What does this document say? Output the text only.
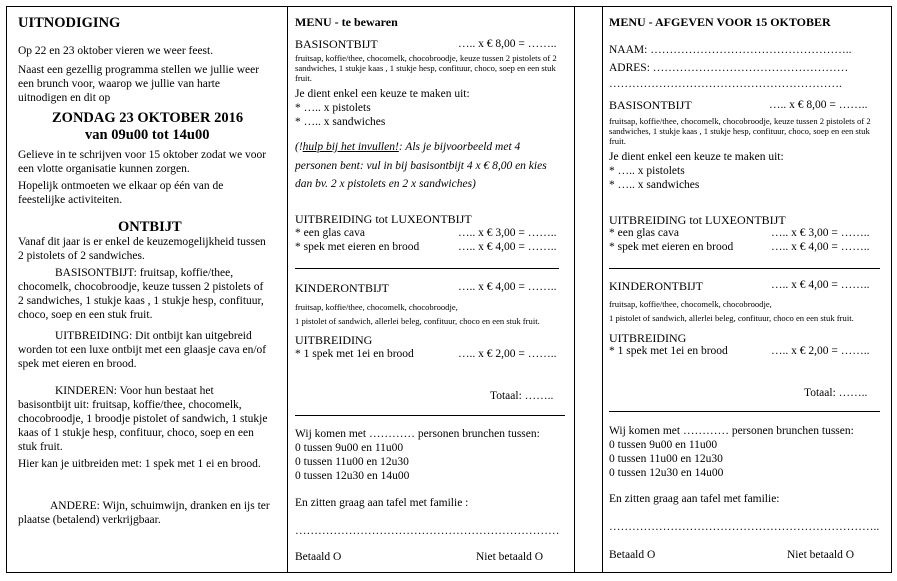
UITNODIGING
Op 22 en 23 oktober vieren we weer feest.
Naast een gezellig programma stellen we jullie weer
een brunch voor, waarop we jullie van harte
uitnodigen en dit op
ZONDAG 23 OKTOBER 2016
van 09u00 tot 14u00
Gelieve in te schrijven voor 15 oktober zodat we voor
een vlotte organisatie kunnen zorgen.
Hopelijk ontmoeten we elkaar op één van de
feestelijke activiteiten.
ONTBIJT
Vanaf dit jaar is er enkel de keuzemogelijkheid tussen
2 pistolets of 2 sandwiches.
BASISONTBIJT: fruitsap, koffie/thee,
chocomelk, chocobroodje, keuze tussen 2 pistolets of
2 sandwiches, 1 stukje kaas , 1 stukje hesp, confituur,
choco, soep en een stuk fruit.
UITBREIDING: Dit ontbijt kan uitgebreid
worden tot een luxe ontbijt met een glaasje cava en/of
spek met eieren en brood.
KINDEREN: Voor hun bestaat het
basisontbijt uit: fruitsap, koffie/thee, chocomelk,
chocobroodje, 1 broodje pistolet of sandwich, 1 stukje
kaas of 1 stukje hesp, confituur, choco, soep en een
stuk fruit.
Hier kan je uitbreiden met: 1 spek met 1 ei en brood.
ANDERE: Wijn, schuimwijn, dranken en ijs ter
plaatse (betalend) verkrijgbaar.
MENU - te bewaren
BASISONTBIJT	….. x € 8,00 = ……..
fruitsap, koffie/thee, chocomelk, chocobroodje, keuze tussen 2 pistolets of 2
sandwiches, 1 stukje kaas , 1 stukje hesp, confituur, choco, soep en een stuk
fruit.
Je dient enkel een keuze te maken uit:
* ….. x pistolets
* ….. x sandwiches
(!hulp bij het invullen!: Als je bijvoorbeeld met 4
personen bent: vul in bij basisontbijt 4 x € 8,00 en kies
dan bv. 2 x pistolets en 2 x sandwiches)
UITBREIDING tot LUXEONTBIJT
* een glas cava	….. x € 3,00 = ……..
* spek met eieren en brood	….. x € 4,00 = ……..
KINDERONTBIJT	….. x € 4,00 = ……..
fruitsap, koffie/thee, chocomelk, chocobroodje,
1 pistolet of sandwich, allerlei beleg, confituur, choco en een stuk fruit.
UITBREIDING
* 1 spek met 1ei en brood	….. x € 2,00 = ……..
Totaal: ……..
Wij komen met ………… personen brunchen tussen:
0 tussen 9u00 en 11u00
0 tussen 11u00 en 12u30
0 tussen 12u30 en 14u00
En zitten graag aan tafel met familie :
……………………………………………………………
Betaald O	Niet betaald O
MENU - AFGEVEN VOOR 15 OKTOBER
NAAM: ……………………………………………..
ADRES: ……………………………………………
…………………………………………………….
BASISONTBIJT	….. x € 8,00 = ……..
fruitsap, koffie/thee, chocomelk, chocobroodje, keuze tussen 2 pistolets of 2
sandwiches, 1 stukje kaas , 1 stukje hesp, confituur, choco, soep en een stuk
fruit.
Je dient enkel een keuze te maken uit:
* ….. x pistolets
* ….. x sandwiches
UITBREIDING tot LUXEONTBIJT
* een glas cava	….. x € 3,00 = ……..
* spek met eieren en brood	….. x € 4,00 = ……..
KINDERONTBIJT	….. x € 4,00 = ……..
fruitsap, koffie/thee, chocomelk, chocobroodje,
1 pistolet of sandwich, allerlei beleg, confituur, choco en een stuk fruit.
UITBREIDING
* 1 spek met 1ei en brood	….. x € 2,00 = ……..
Totaal: ……..
Wij komen met ………… personen brunchen tussen:
0 tussen 9u00 en 11u00
0 tussen 11u00 en 12u30
0 tussen 12u30 en 14u00
En zitten graag aan tafel met familie:
……………………………………………………………..
Betaald O	Niet betaald O
